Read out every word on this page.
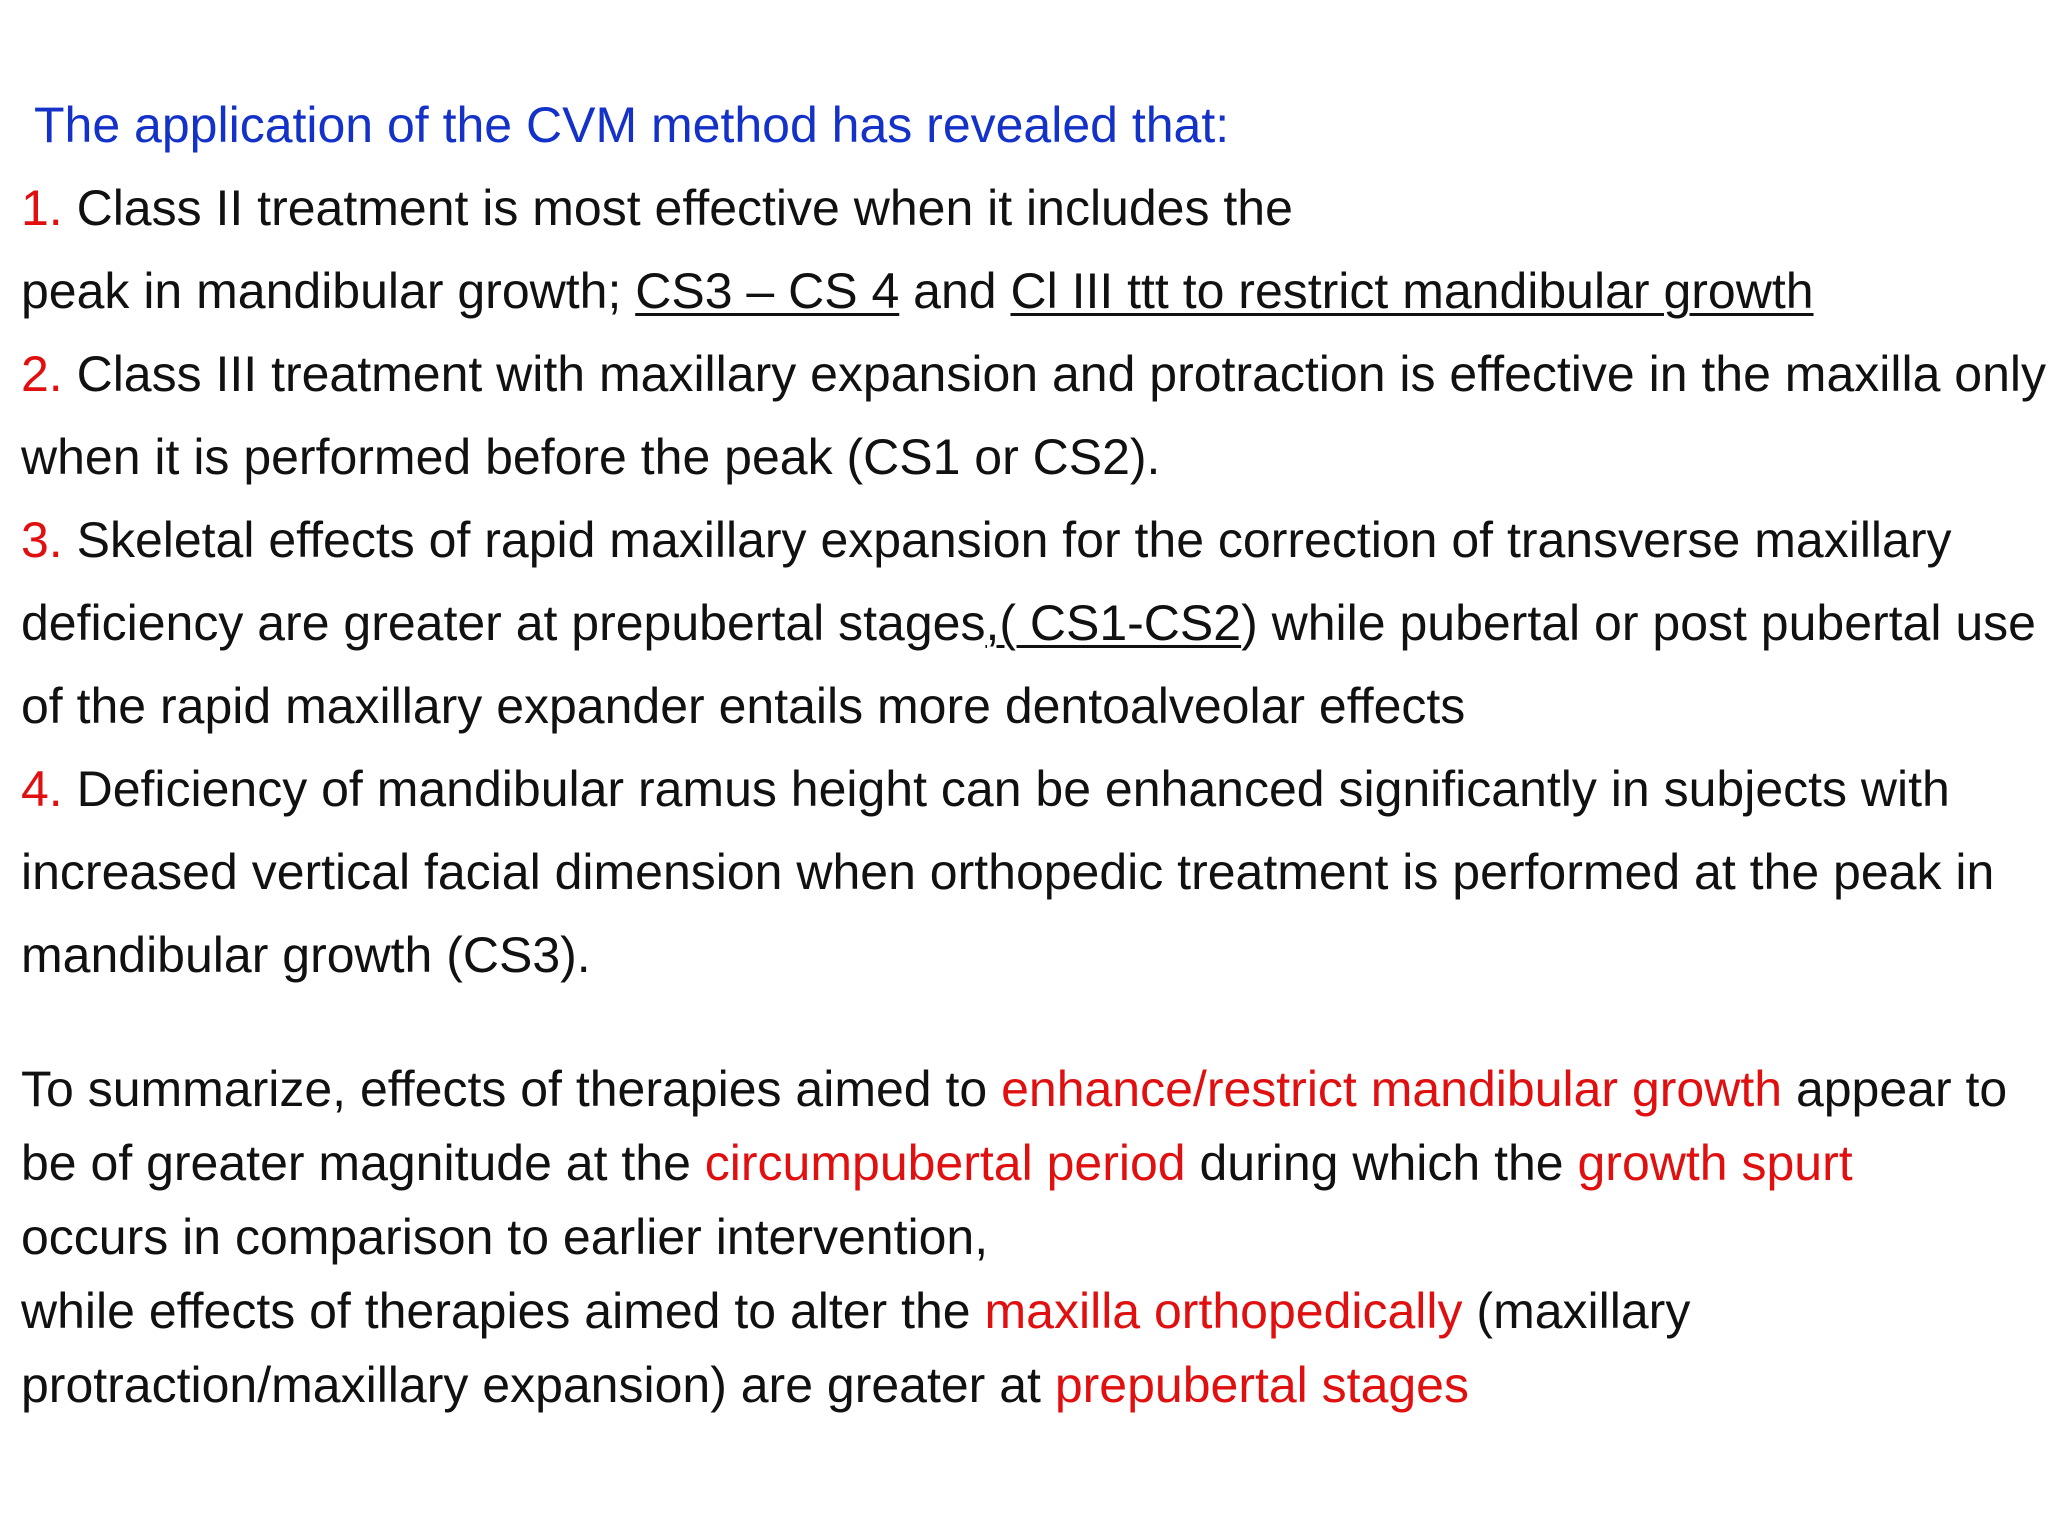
The application of the CVM method has revealed that:
1. Class II treatment is most effective when it includes the
peak in mandibular growth; CS3 – CS 4 and Cl III ttt to restrict mandibular growth
2. Class III treatment with maxillary expansion and protraction is effective in the maxilla only
when it is performed before the peak (CS1 or CS2).
3. Skeletal effects of rapid maxillary expansion for the correction of transverse maxillary
deficiency are greater at prepubertal stages,( CS1-CS2) while pubertal or post pubertal use
of the rapid maxillary expander entails more dentoalveolar effects
4. Deficiency of mandibular ramus height can be enhanced significantly in subjects with
increased vertical facial dimension when orthopedic treatment is performed at the peak in
mandibular growth (CS3).
To summarize, effects of therapies aimed to enhance/restrict mandibular growth appear to
be of greater magnitude at the circumpubertal period during which the growth spurt
occurs in comparison to earlier intervention,
while effects of therapies aimed to alter the maxilla orthopedically (maxillary
protraction/maxillary expansion) are greater at prepubertal stages
